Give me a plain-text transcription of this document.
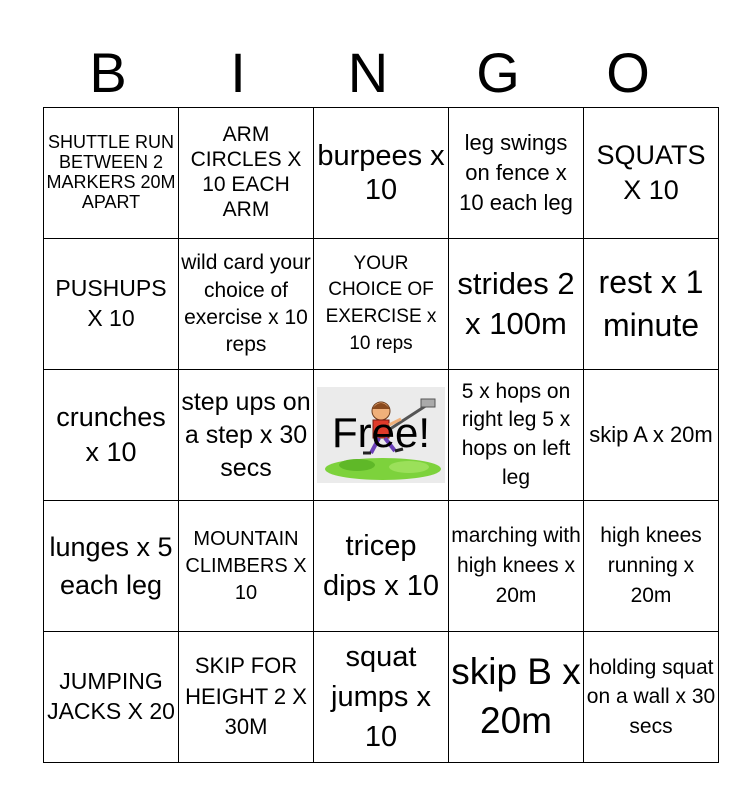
B	I	N	G	O
SHUTTLE RUN BETWEEN 2 MARKERS 20M APART	ARM CIRCLES X 10 EACH ARM	burpees x 10	leg swings on fence x 10 each leg	SQUATS X 10
PUSHUPS X 10	wild card your choice of exercise x 10 reps	YOUR CHOICE OF EXERCISE x 10 reps	strides 2 x 100m	rest x 1 minute
crunches x 10	step ups on a step x 30 secs	Free!	5 x hops on right leg 5 x hops on left leg	skip A x 20m
lunges x 5 each leg	MOUNTAIN CLIMBERS X 10	tricep dips x 10	marching with high knees x 20m	high knees running x 20m
JUMPING JACKS X 20	SKIP FOR HEIGHT 2 X 30M	squat jumps x 10	skip B x 20m	holding squat on a wall x 30 secs
